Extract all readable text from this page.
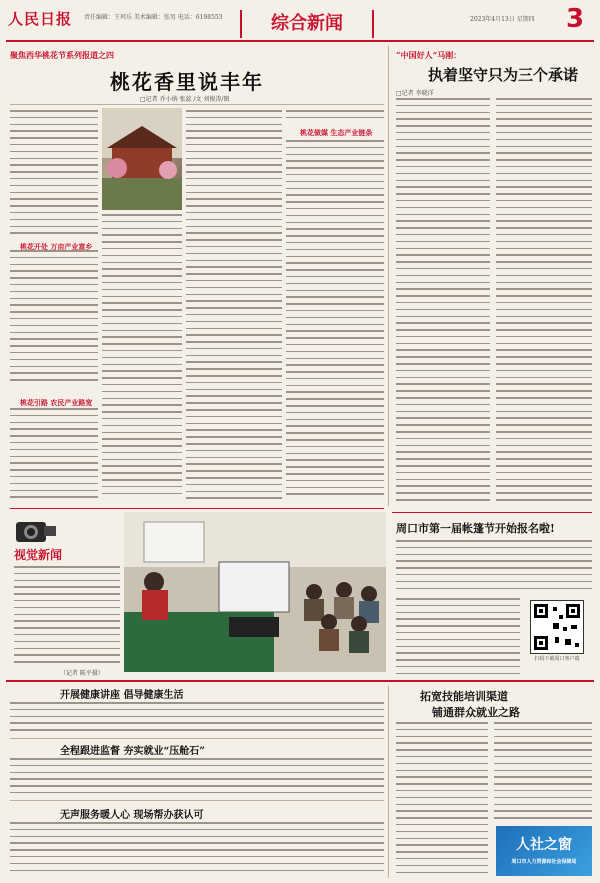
人民日报	责任编辑：王珂乐 美术编辑：张男 电话：6198553	综合新闻	2023年4月13日 星期四 3
聚焦西华桃花节系列报道之四
桃花香里说丰年
□记者 乔小纳 张蕊 /文 刘俊涛/图
桃花开处 万亩产业富乡
桃花引路 农民产业路宽
桃花做媒 生态产业链条
“中国好人”马刚：
执着坚守只为三个承诺
□记者 李晓洋
视觉新闻
（记者 陈平摄）
周口市第一届帐篷节开始报名啦!
扫码下载周口客户端
开展健康讲座 倡导健康生活
全程跟进监督 夯实就业“压舱石”
无声服务暖人心 现场帮办获认可
拓宽技能培训渠道
铺通群众就业之路
人社之窗
周口市人力资源和社会保障局
